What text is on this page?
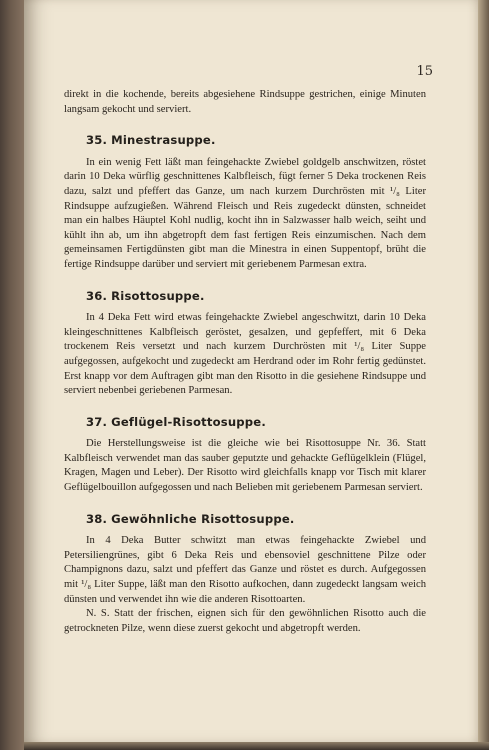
15

direkt in die kochende, bereits abgesiehene Rindsuppe gestrichen, einige Minuten langsam gekocht und serviert.

35. Minestrasuppe.

In ein wenig Fett läßt man feingehackte Zwiebel goldgelb anschwitzen, röstet darin 10 Deka würflig geschnittenes Kalbfleisch, fügt ferner 5 Deka trockenen Reis dazu, salzt und pfeffert das Ganze, um nach kurzem Durchrösten mit ¹/₈ Liter Rindsuppe aufzugießen. Während Fleisch und Reis zugedeckt dünsten, schneidet man ein halbes Häuptel Kohl nudlig, kocht ihn in Salzwasser halb weich, seiht und kühlt ihn ab, um ihn abgetropft dem fast fertigen Reis einzumischen. Nach dem gemeinsamen Fertigdünsten gibt man die Minestra in einen Suppentopf, brüht die fertige Rindsuppe darüber und serviert mit geriebenem Parmesan extra.

36. Risottosuppe.

In 4 Deka Fett wird etwas feingehackte Zwiebel angeschwitzt, darin 10 Deka kleingeschnittenes Kalbfleisch geröstet, gesalzen, und gepfeffert, mit 6 Deka trockenem Reis versetzt und nach kurzem Durchrösten mit ¹/₈ Liter Suppe aufgegossen, aufgekocht und zugedeckt am Herdrand oder im Rohr fertig gedünstet. Erst knapp vor dem Auftragen gibt man den Risotto in die gesiehene Rindsuppe und serviert nebenbei geriebenen Parmesan.

37. Geflügel-Risottosuppe.

Die Herstellungsweise ist die gleiche wie bei Risottosuppe Nr. 36. Statt Kalbfleisch verwendet man das sauber geputzte und gehackte Geflügelklein (Flügel, Kragen, Magen und Leber). Der Risotto wird gleichfalls knapp vor Tisch mit klarer Geflügelbouillon aufgegossen und nach Belieben mit geriebenem Parmesan serviert.

38. Gewöhnliche Risottosuppe.

In 4 Deka Butter schwitzt man etwas feingehackte Zwiebel und Petersiliengrünes, gibt 6 Deka Reis und ebensoviel geschnittene Pilze oder Champignons dazu, salzt und pfeffert das Ganze und röstet es durch. Aufgegossen mit ¹/₈ Liter Suppe, läßt man den Risotto aufkochen, dann zugedeckt langsam weich dünsten und verwendet ihn wie die anderen Risottoarten.

N. S. Statt der frischen, eignen sich für den gewöhnlichen Risotto auch die getrockneten Pilze, wenn diese zuerst gekocht und abgetropft werden.
